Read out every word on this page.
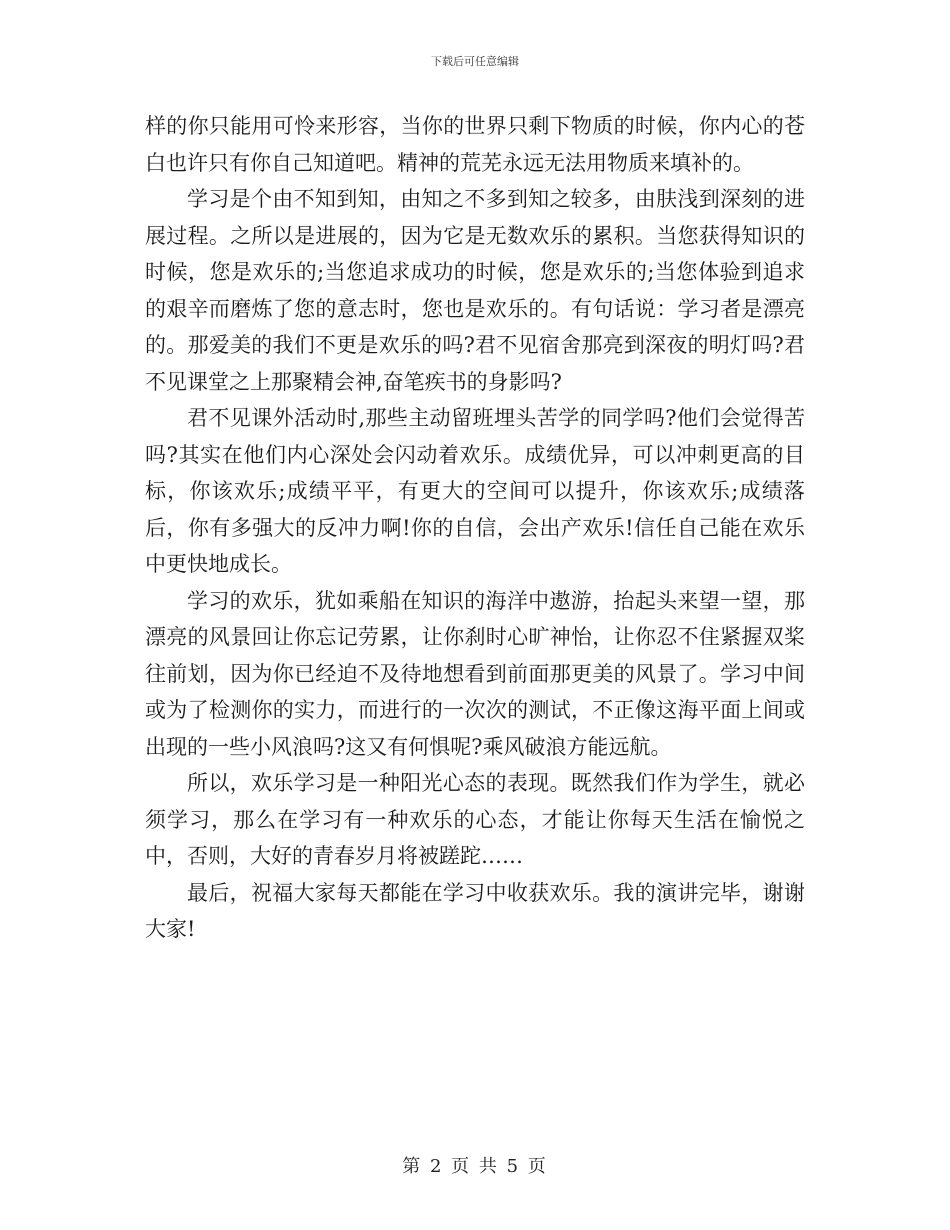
下载后可任意编辑

样的你只能用可怜来形容，当你的世界只剩下物质的时候，你内心的苍白也许只有你自己知道吧。精神的荒芜永远无法用物质来填补的。

学习是个由不知到知，由知之不多到知之较多，由肤浅到深刻的进展过程。之所以是进展的，因为它是无数欢乐的累积。当您获得知识的时候，您是欢乐的;当您追求成功的时候，您是欢乐的;当您体验到追求的艰辛而磨炼了您的意志时，您也是欢乐的。有句话说：学习者是漂亮的。那爱美的我们不更是欢乐的吗?君不见宿舍那亮到深夜的明灯吗?君不见课堂之上那聚精会神,奋笔疾书的身影吗?

君不见课外活动时,那些主动留班埋头苦学的同学吗?他们会觉得苦吗?其实在他们内心深处会闪动着欢乐。成绩优异，可以冲刺更高的目标，你该欢乐;成绩平平，有更大的空间可以提升，你该欢乐;成绩落后，你有多强大的反冲力啊!你的自信，会出产欢乐!信任自己能在欢乐中更快地成长。

学习的欢乐，犹如乘船在知识的海洋中遨游，抬起头来望一望，那漂亮的风景回让你忘记劳累，让你刹时心旷神怡，让你忍不住紧握双桨往前划，因为你已经迫不及待地想看到前面那更美的风景了。学习中间或为了检测你的实力，而进行的一次次的测试，不正像这海平面上间或出现的一些小风浪吗?这又有何惧呢?乘风破浪方能远航。

所以，欢乐学习是一种阳光心态的表现。既然我们作为学生，就必须学习，那么在学习有一种欢乐的心态，才能让你每天生活在愉悦之中，否则，大好的青春岁月将被蹉跎……

最后，祝福大家每天都能在学习中收获欢乐。我的演讲完毕，谢谢大家!

第 2 页 共 5 页
